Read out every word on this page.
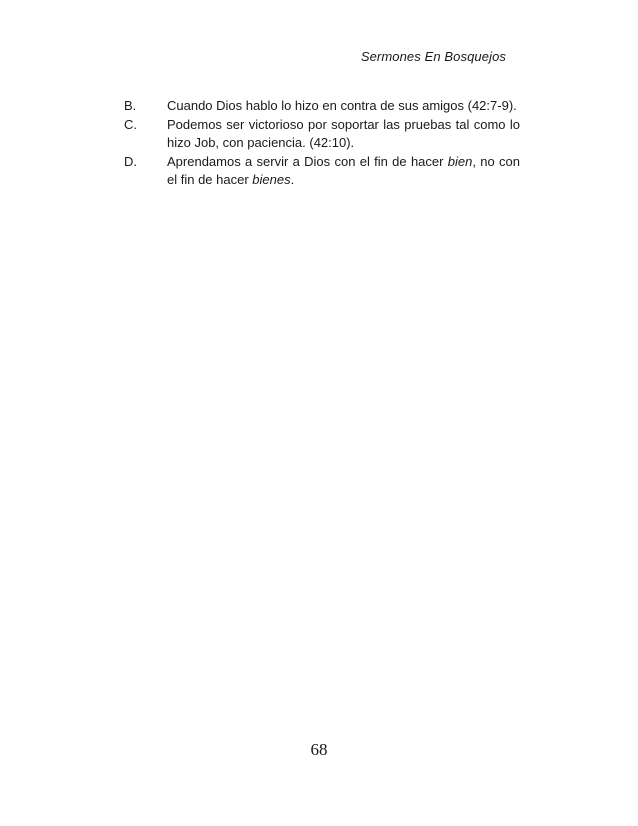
Sermones En Bosquejos
B.	Cuando Dios hablo lo hizo en contra de sus amigos (42:7-9).
C.	Podemos ser victorioso por soportar las pruebas tal como lo hizo Job, con paciencia. (42:10).
D.	Aprendamos a servir a Dios con el fin de hacer bien, no con el fin de hacer bienes.
68
